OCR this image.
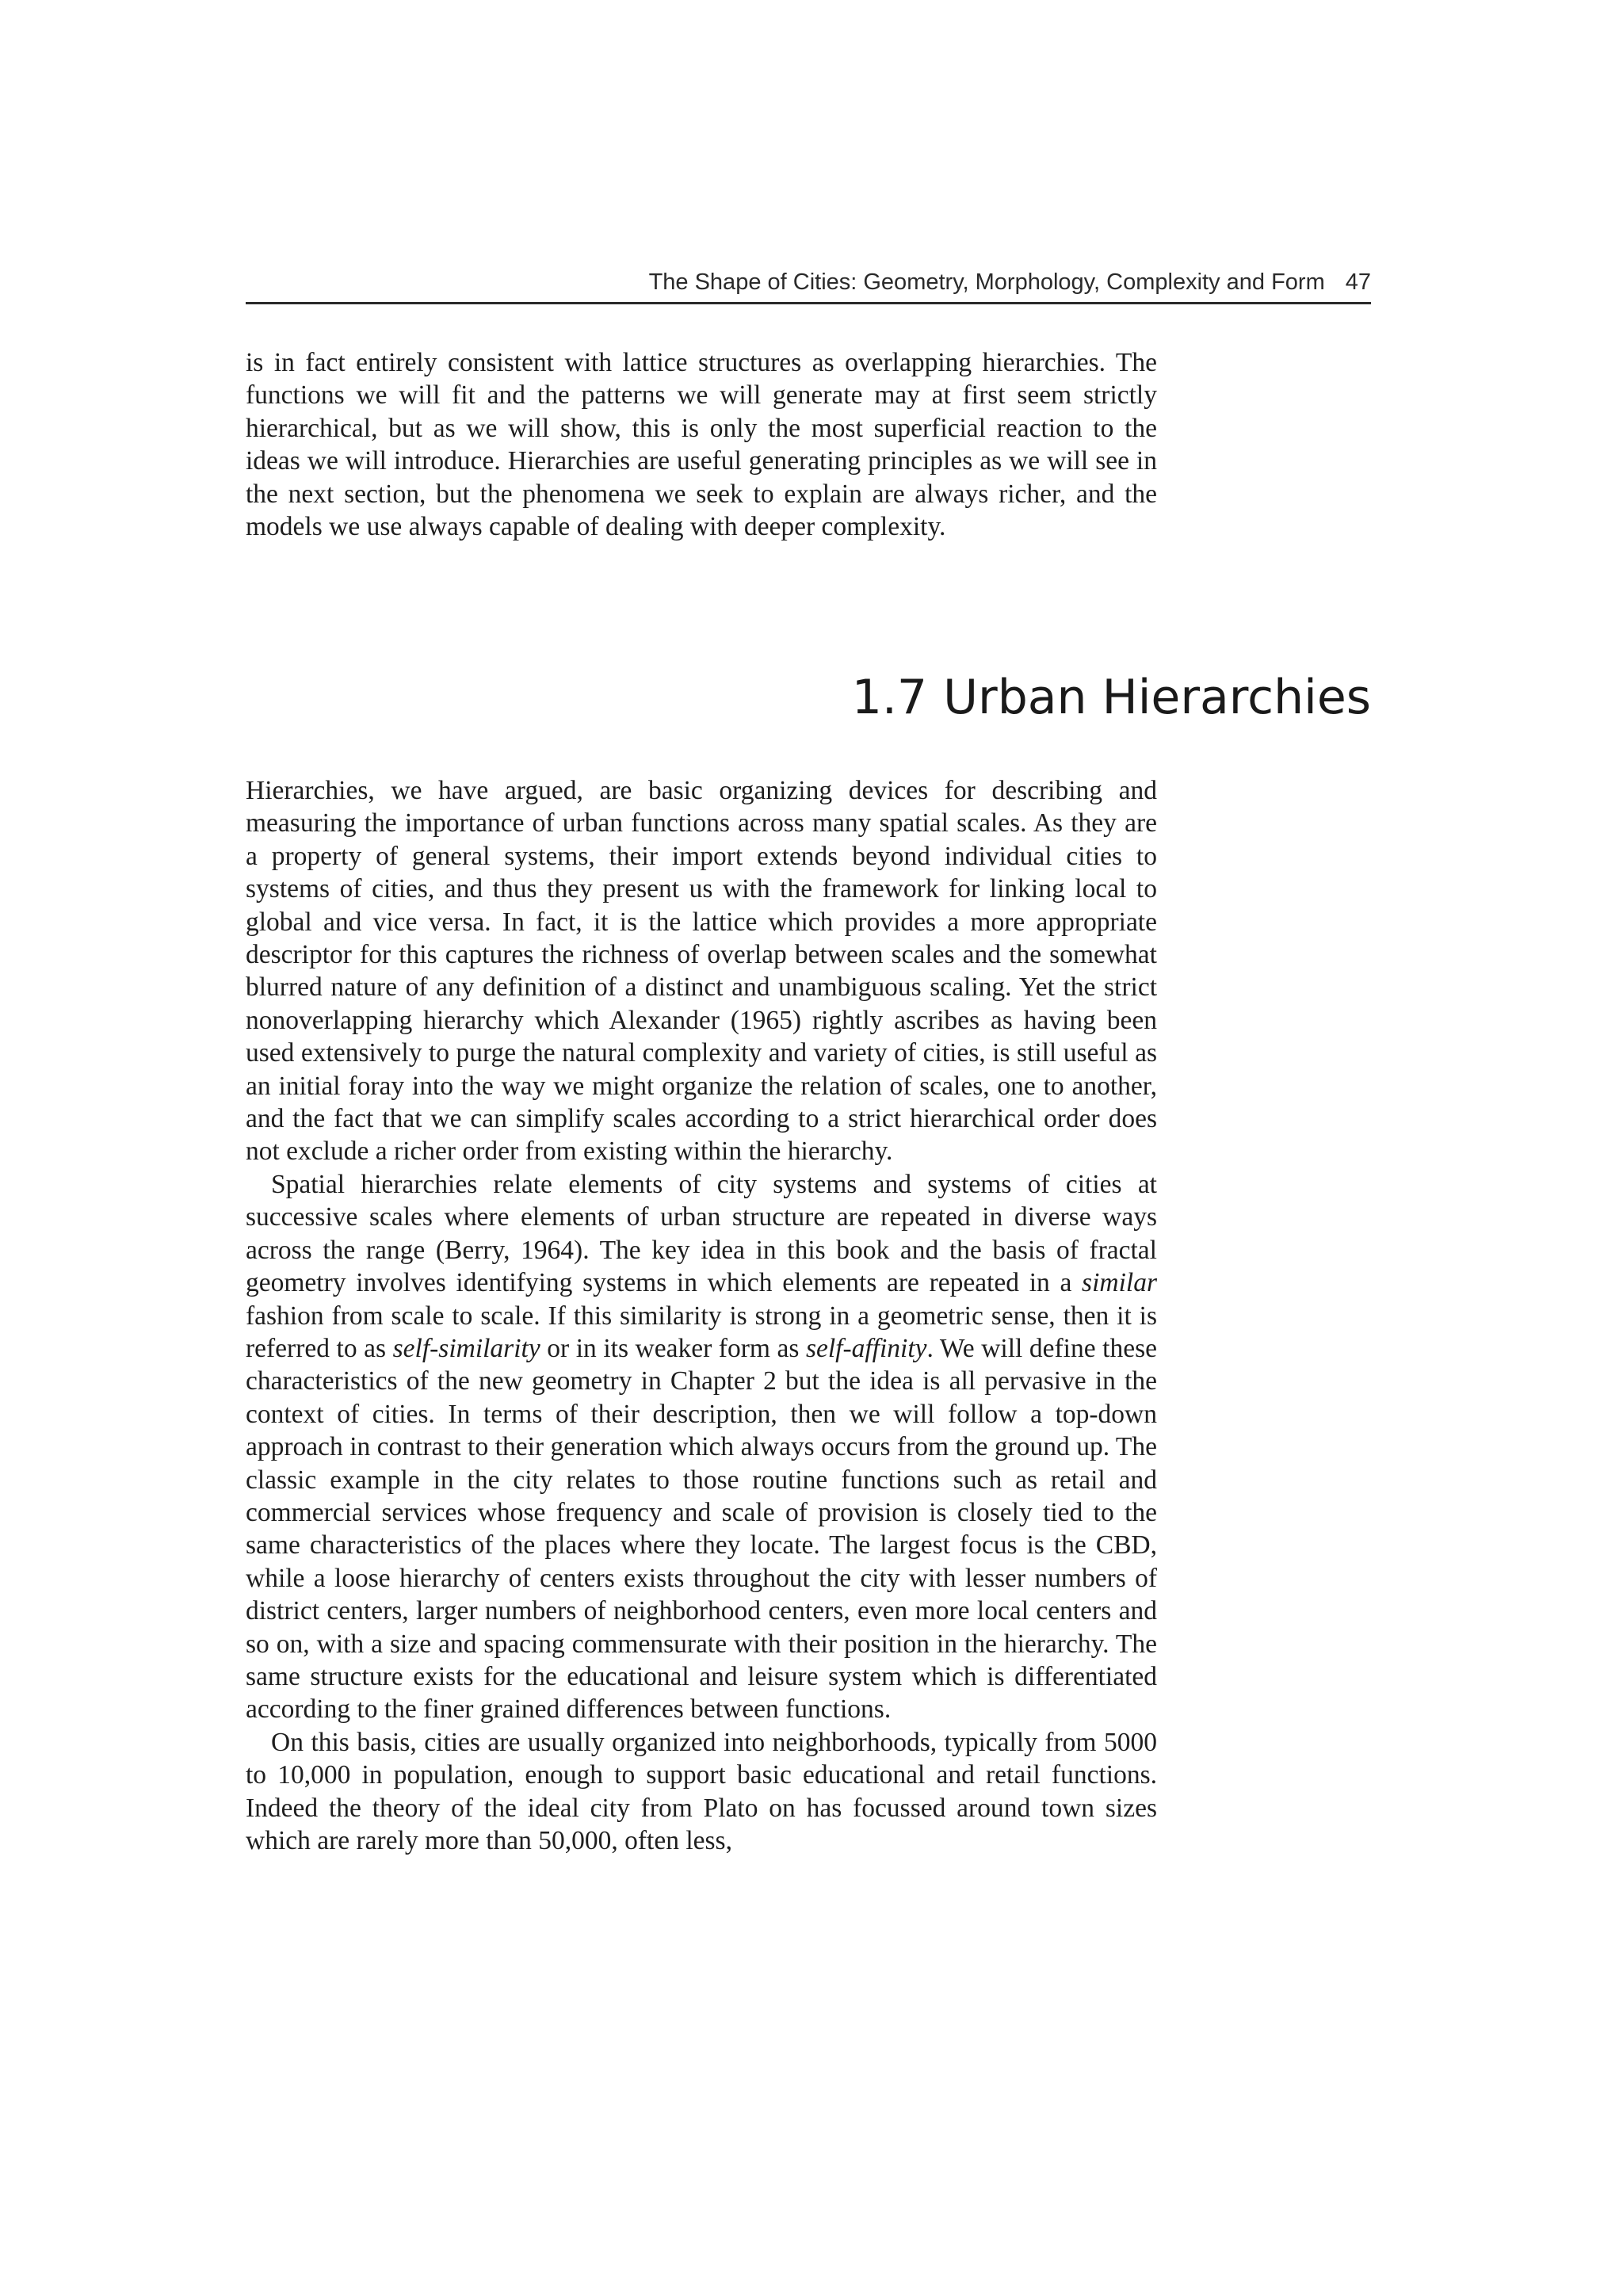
The Shape of Cities: Geometry, Morphology, Complexity and Form 47

is in fact entirely consistent with lattice structures as overlapping hierarchies. The functions we will fit and the patterns we will generate may at first seem strictly hierarchical, but as we will show, this is only the most superficial reaction to the ideas we will introduce. Hierarchies are useful generating principles as we will see in the next section, but the phenomena we seek to explain are always richer, and the models we use always capable of dealing with deeper complexity.

1.7 Urban Hierarchies

Hierarchies, we have argued, are basic organizing devices for describing and measuring the importance of urban functions across many spatial scales. As they are a property of general systems, their import extends beyond individual cities to systems of cities, and thus they present us with the framework for linking local to global and vice versa. In fact, it is the lattice which provides a more appropriate descriptor for this captures the richness of overlap between scales and the somewhat blurred nature of any definition of a distinct and unambiguous scaling. Yet the strict nonoverlapping hierarchy which Alexander (1965) rightly ascribes as having been used extensively to purge the natural complexity and variety of cities, is still useful as an initial foray into the way we might organize the relation of scales, one to another, and the fact that we can simplify scales according to a strict hierarchical order does not exclude a richer order from existing within the hierarchy.

Spatial hierarchies relate elements of city systems and systems of cities at successive scales where elements of urban structure are repeated in diverse ways across the range (Berry, 1964). The key idea in this book and the basis of fractal geometry involves identifying systems in which elements are repeated in a similar fashion from scale to scale. If this similarity is strong in a geometric sense, then it is referred to as self-similarity or in its weaker form as self-affinity. We will define these characteristics of the new geometry in Chapter 2 but the idea is all pervasive in the context of cities. In terms of their description, then we will follow a top-down approach in contrast to their generation which always occurs from the ground up. The classic example in the city relates to those routine functions such as retail and commercial services whose frequency and scale of provision is closely tied to the same characteristics of the places where they locate. The largest focus is the CBD, while a loose hierarchy of centers exists throughout the city with lesser numbers of district centers, larger numbers of neighborhood centers, even more local centers and so on, with a size and spacing commensurate with their position in the hierarchy. The same structure exists for the educational and leisure system which is differentiated according to the finer grained differences between functions.

On this basis, cities are usually organized into neighborhoods, typically from 5000 to 10,000 in population, enough to support basic educational and retail functions. Indeed the theory of the ideal city from Plato on has focussed around town sizes which are rarely more than 50,000, often less,
